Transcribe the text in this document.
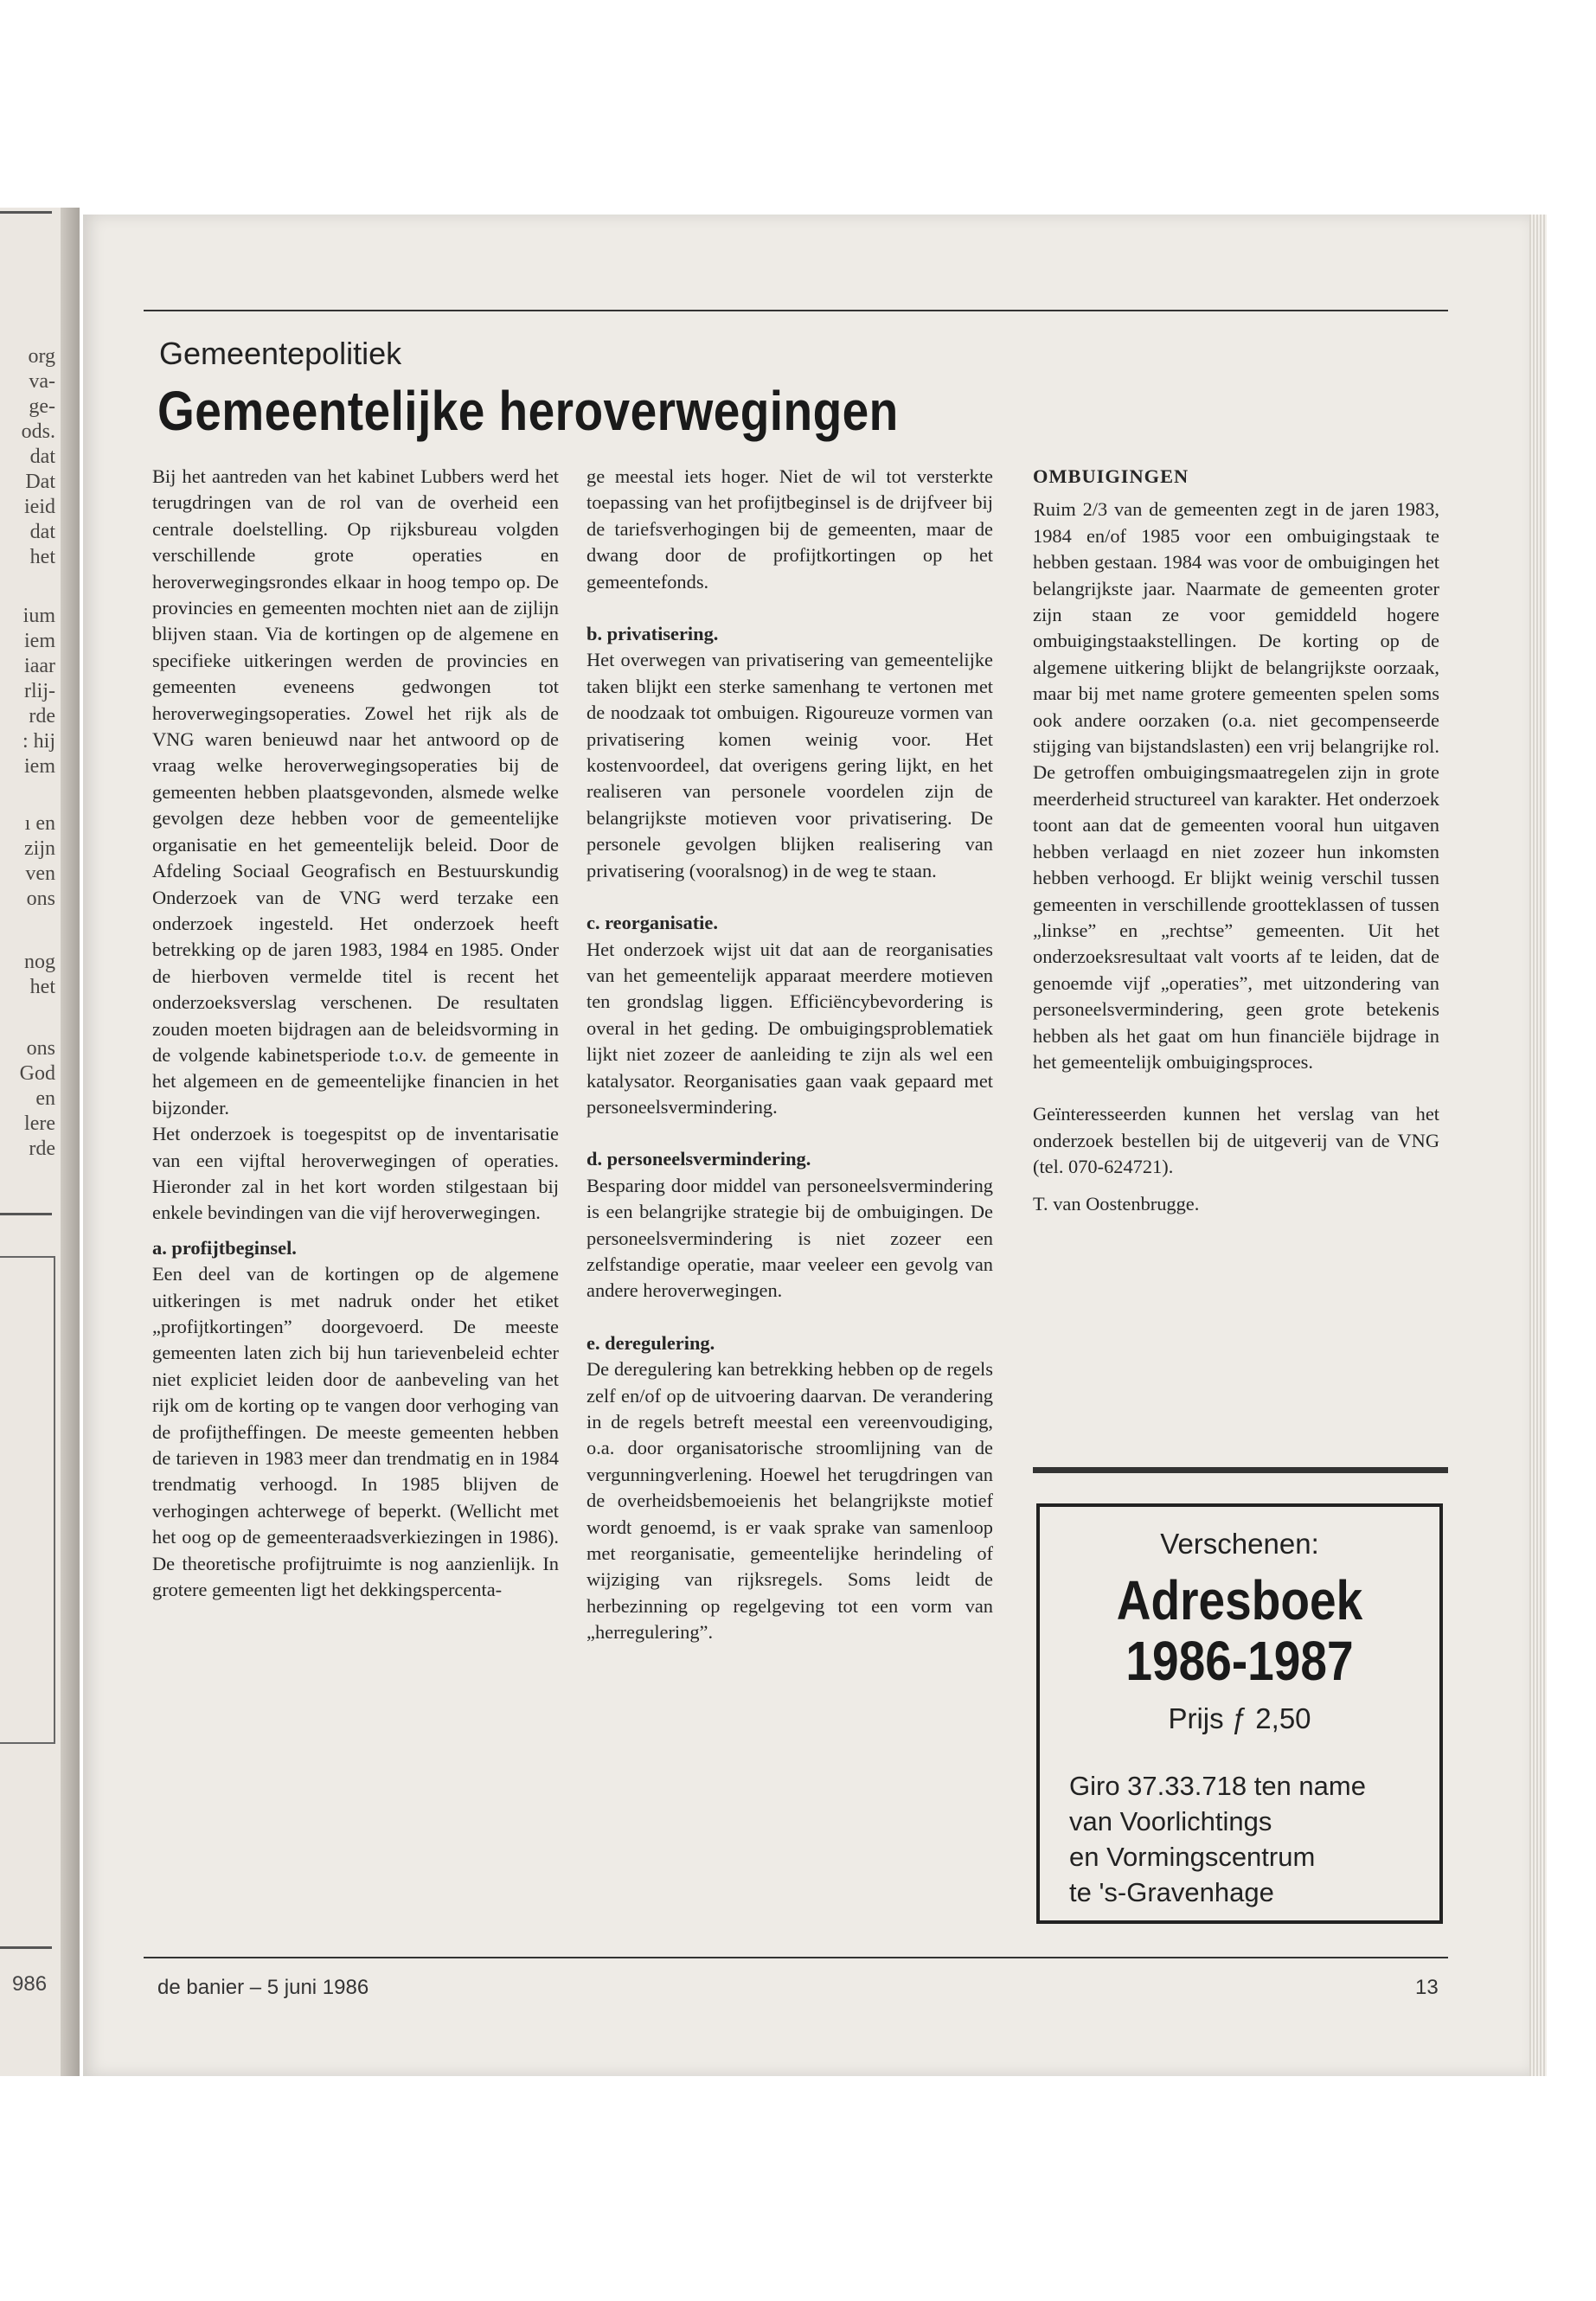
org
va-
ge-
ods.
dat
Dat
ieid
dat
het
ium
iem
iaar
rlij-
rde
: hij
iem
ı en
zijn
ven
ons
nog
het
ons
God
en
lere
rde
986
Gemeentepolitiek
Gemeentelijke heroverwegingen

Bij het aantreden van het kabinet Lubbers werd het terugdringen van de rol van de overheid een centrale doelstelling. Op rijksbureau volgden verschillende grote operaties en heroverwegingsrondes elkaar in hoog tempo op. De provincies en gemeenten mochten niet aan de zijlijn blijven staan. Via de kortingen op de algemene en specifieke uitkeringen werden de provincies en gemeenten eveneens gedwongen tot heroverwegingsoperaties. Zowel het rijk als de VNG waren benieuwd naar het antwoord op de vraag welke heroverwegingsoperaties bij de gemeenten hebben plaatsgevonden, alsmede welke gevolgen deze hebben voor de gemeentelijke organisatie en het gemeentelijk beleid. Door de Afdeling Sociaal Geografisch en Bestuurskundig Onderzoek van de VNG werd terzake een onderzoek ingesteld. Het onderzoek heeft betrekking op de jaren 1983, 1984 en 1985. Onder de hierboven vermelde titel is recent het onderzoeksverslag verschenen. De resultaten zouden moeten bijdragen aan de beleidsvorming in de volgende kabinetsperiode t.o.v. de gemeente in het algemeen en de gemeentelijke financien in het bijzonder.

Het onderzoek is toegespitst op de inventarisatie van een vijftal heroverwegingen of operaties. Hieronder zal in het kort worden stilgestaan bij enkele bevindingen van die vijf heroverwegingen.

a. profijtbeginsel.

Een deel van de kortingen op de algemene uitkeringen is met nadruk onder het etiket „profijtkortingen” doorgevoerd. De meeste gemeenten laten zich bij hun tarievenbeleid echter niet expliciet leiden door de aanbeveling van het rijk om de korting op te vangen door verhoging van de profijtheffingen. De meeste gemeenten hebben de tarieven in 1983 meer dan trendmatig en in 1984 trendmatig verhoogd. In 1985 blijven de verhogingen achterwege of beperkt. (Wellicht met het oog op de gemeenteraadsverkiezingen in 1986). De theoretische profijtruimte is nog aanzienlijk. In grotere gemeenten ligt het dekkingspercenta-

ge meestal iets hoger. Niet de wil tot versterkte toepassing van het profijtbeginsel is de drijfveer bij de tariefsverhogingen bij de gemeenten, maar de dwang door de profijtkortingen op het gemeentefonds.

b. privatisering.

Het overwegen van privatisering van gemeentelijke taken blijkt een sterke samenhang te vertonen met de noodzaak tot ombuigen. Rigoureuze vormen van privatisering komen weinig voor. Het kostenvoordeel, dat overigens gering lijkt, en het realiseren van personele voordelen zijn de belangrijkste motieven voor privatisering. De personele gevolgen blijken realisering van privatisering (vooralsnog) in de weg te staan.

c. reorganisatie.

Het onderzoek wijst uit dat aan de reorganisaties van het gemeentelijk apparaat meerdere motieven ten grondslag liggen. Efficiëncybevordering is overal in het geding. De ombuigingsproblematiek lijkt niet zozeer de aanleiding te zijn als wel een katalysator. Reorganisaties gaan vaak gepaard met personeelsvermindering.

d. personeelsvermindering.

Besparing door middel van personeelsvermindering is een belangrijke strategie bij de ombuigingen. De personeelsvermindering is niet zozeer een zelfstandige operatie, maar veeleer een gevolg van andere heroverwegingen.

e. deregulering.

De deregulering kan betrekking hebben op de regels zelf en/of op de uitvoering daarvan. De verandering in de regels betreft meestal een vereenvoudiging, o.a. door organisatorische stroomlijning van de vergunningverlening. Hoewel het terugdringen van de overheidsbemoeienis het belangrijkste motief wordt genoemd, is er vaak sprake van samenloop met reorganisatie, gemeentelijke herindeling of wijziging van rijksregels. Soms leidt de herbezinning op regelgeving tot een vorm van „herregulering”.

OMBUIGINGEN

Ruim 2/3 van de gemeenten zegt in de jaren 1983, 1984 en/of 1985 voor een ombuigingstaak te hebben gestaan. 1984 was voor de ombuigingen het belangrijkste jaar. Naarmate de gemeenten groter zijn staan ze voor gemiddeld hogere ombuigingstaakstellingen. De korting op de algemene uitkering blijkt de belangrijkste oorzaak, maar bij met name grotere gemeenten spelen soms ook andere oorzaken (o.a. niet gecompenseerde stijging van bijstandslasten) een vrij belangrijke rol. De getroffen ombuigingsmaatregelen zijn in grote meerderheid structureel van karakter. Het onderzoek toont aan dat de gemeenten vooral hun uitgaven hebben verlaagd en niet zozeer hun inkomsten hebben verhoogd. Er blijkt weinig verschil tussen gemeenten in verschillende grootteklassen of tussen „linkse” en „rechtse” gemeenten. Uit het onderzoeksresultaat valt voorts af te leiden, dat de genoemde vijf „operaties”, met uitzondering van personeelsvermindering, geen grote betekenis hebben als het gaat om hun financiële bijdrage in het gemeentelijk ombuigingsproces.

Geïnteresseerden kunnen het verslag van het onderzoek bestellen bij de uitgeverij van de VNG (tel. 070-624721).

T. van Oostenbrugge.

Verschenen:
Adresboek
1986-1987
Prijs ƒ 2,50
Giro 37.33.718 ten name
van Voorlichtings
en Vormingscentrum
te 's-Gravenhage
de banier – 5 juni 1986	13
